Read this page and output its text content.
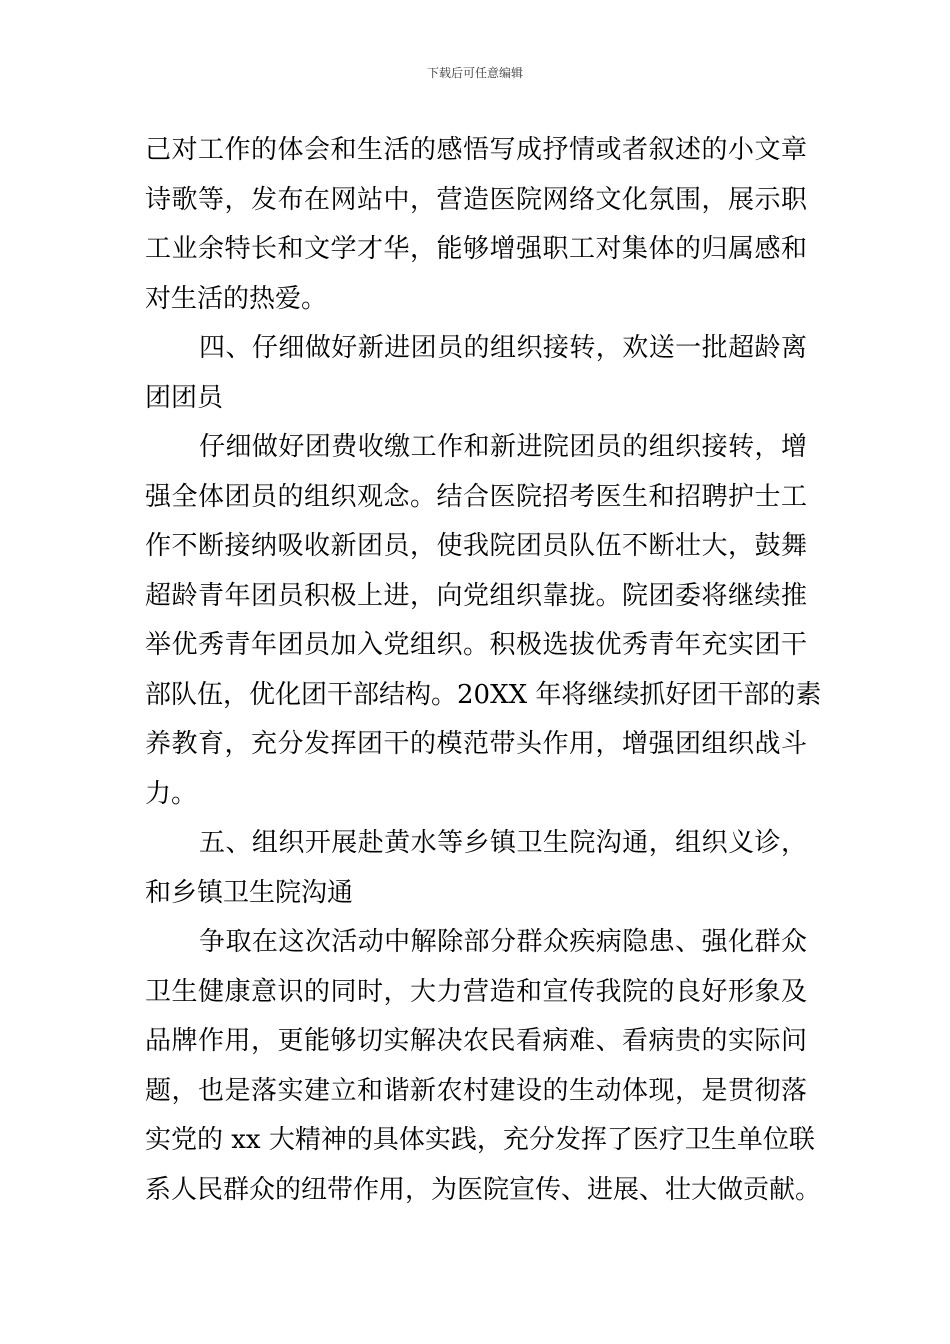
下载后可任意编辑
己对工作的体会和生活的感悟写成抒情或者叙述的小文章
诗歌等，发布在网站中，营造医院网络文化氛围，展示职
工业余特长和文学才华，能够增强职工对集体的归属感和
对生活的热爱。
四、仔细做好新进团员的组织接转，欢送一批超龄离
团团员
仔细做好团费收缴工作和新进院团员的组织接转，增
强全体团员的组织观念。结合医院招考医生和招聘护士工
作不断接纳吸收新团员，使我院团员队伍不断壮大，鼓舞
超龄青年团员积极上进，向党组织靠拢。院团委将继续推
举优秀青年团员加入党组织。积极选拔优秀青年充实团干
部队伍，优化团干部结构。20XX 年将继续抓好团干部的素
养教育，充分发挥团干的模范带头作用，增强团组织战斗
力。
五、组织开展赴黄水等乡镇卫生院沟通，组织义诊，
和乡镇卫生院沟通
争取在这次活动中解除部分群众疾病隐患、强化群众
卫生健康意识的同时，大力营造和宣传我院的良好形象及
品牌作用，更能够切实解决农民看病难、看病贵的实际问
题，也是落实建立和谐新农村建设的生动体现，是贯彻落
实党的 xx 大精神的具体实践，充分发挥了医疗卫生单位联
系人民群众的纽带作用，为医院宣传、进展、壮大做贡献。
